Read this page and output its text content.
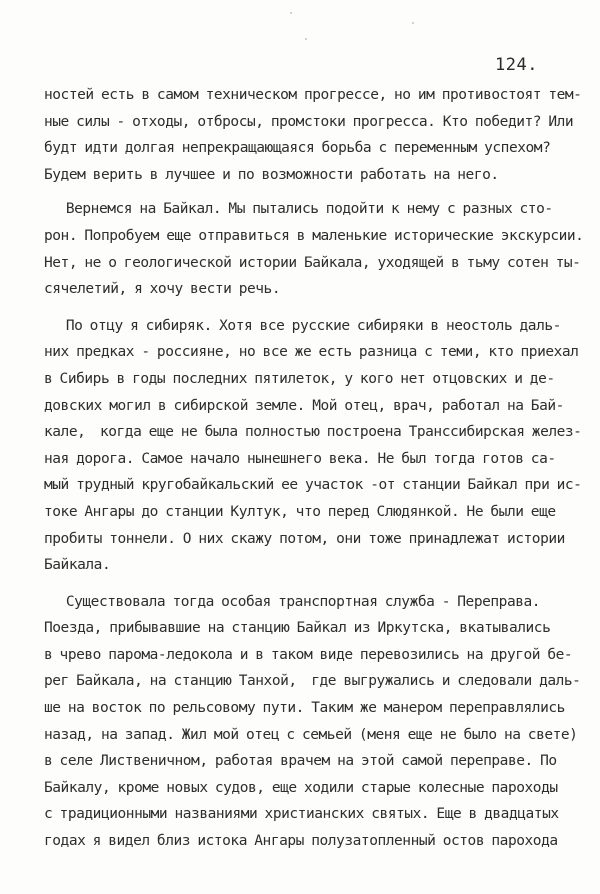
124.
ностей есть в самом техническом прогрессе, но им противостоят тем-
ные силы - отходы, отбросы, промстоки прогресса. Кто победит? Или
будт идти долгая непрекращающаяся борьба с переменным успехом?
Будем верить в лучшее и по возможности работать на него.
Вернемся на Байкал. Мы пытались подойти к нему с разных сто-
рон. Попробуем еще отправиться в маленькие исторические экскурсии.
Нет, не о геологической истории Байкала, уходящей в тьму сотен ты-
сячелетий, я хочу вести речь.
По отцу я сибиряк. Хотя все русские сибиряки в неостоль даль-
них предках - россияне, но все же есть разница с теми, кто приехал
в Сибирь в годы последних пятилеток, у кого нет отцовских и де-
довских могил в сибирской земле. Мой отец, врач, работал на Бай-
кале,  когда еще не была полностью построена Транссибирская желез-
ная дорога. Самое начало нынешнего века. Не был тогда готов са-
мый трудный кругобайкальский ее участок -от станции Байкал при ис-
токе Ангары до станции Култук, что перед Слюдянкой. Не были еще
пробиты тоннели. О них скажу потом, они тоже принадлежат истории
Байкала.
Существовала тогда особая транспортная служба - Переправа.
Поезда, прибывавшие на станцию Байкал из Иркутска, вкатывались
в чрево парома-ледокола и в таком виде перевозились на другой бе-
рег Байкала, на станцию Танхой,  где выгружались и следовали даль-
ше на восток по рельсовому пути. Таким же манером переправлялись
назад, на запад. Жил мой отец с семьей (меня еще не было на свете)
в селе Лиственичном, работая врачем на этой самой переправе. По
Байкалу, кроме новых судов, еще ходили старые колесные пароходы
с традиционными названиями христианских святых. Еще в двадцатых
годах я видел близ истока Ангары полузатопленный остов парохода
